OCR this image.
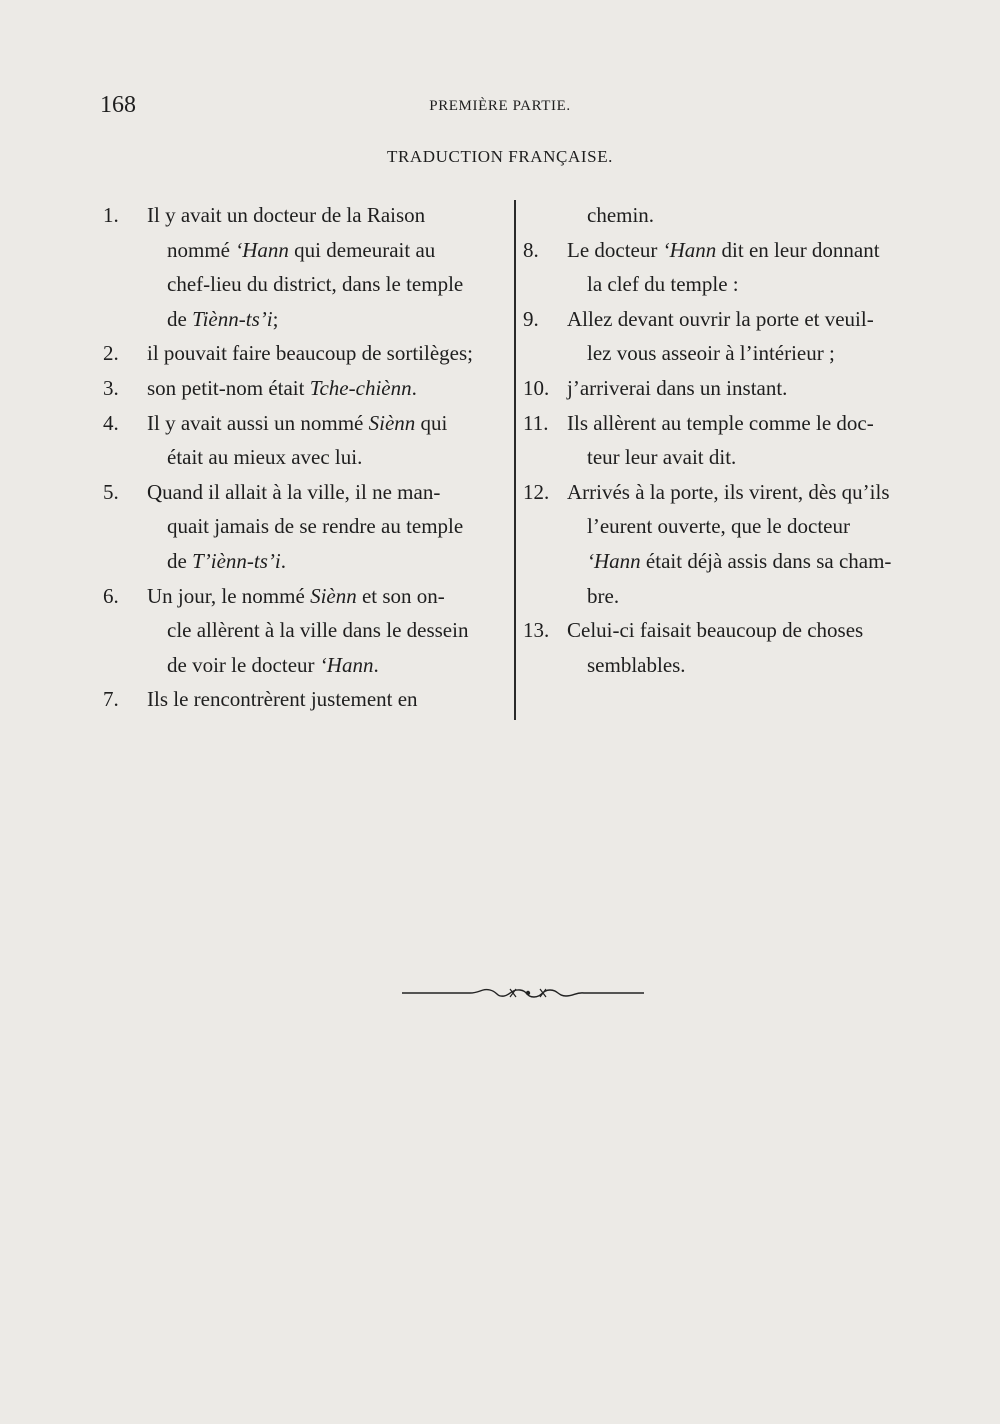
168	PREMIÈRE PARTIE.
TRADUCTION FRANÇAISE.
1.	Il y avait un docteur de la Raison
nommé ‘Hann qui demeurait au
chef-lieu du district, dans le temple
de Tiènn-ts’i;
2.	il pouvait faire beaucoup de sortilèges;
3.	son petit-nom était Tche-chiènn.
4.	Il y avait aussi un nommé Siènn qui
était au mieux avec lui.
5.	Quand il allait à la ville, il ne man-
quait jamais de se rendre au temple
de T’iènn-ts’i.
6.	Un jour, le nommé Siènn et son on-
cle allèrent à la ville dans le dessein
de voir le docteur ‘Hann.
7.	Ils le rencontrèrent justement en
chemin.
8.	Le docteur ‘Hann dit en leur donnant
la clef du temple :
9.	Allez devant ouvrir la porte et veuil-
lez vous asseoir à l’intérieur ;
10. j’arriverai dans un instant.
11. Ils allèrent au temple comme le doc-
teur leur avait dit.
12. Arrivés à la porte, ils virent, dès qu’ils
l’eurent ouverte, que le docteur
‘Hann était déjà assis dans sa cham-
bre.
13. Celui-ci faisait beaucoup de choses
semblables.
